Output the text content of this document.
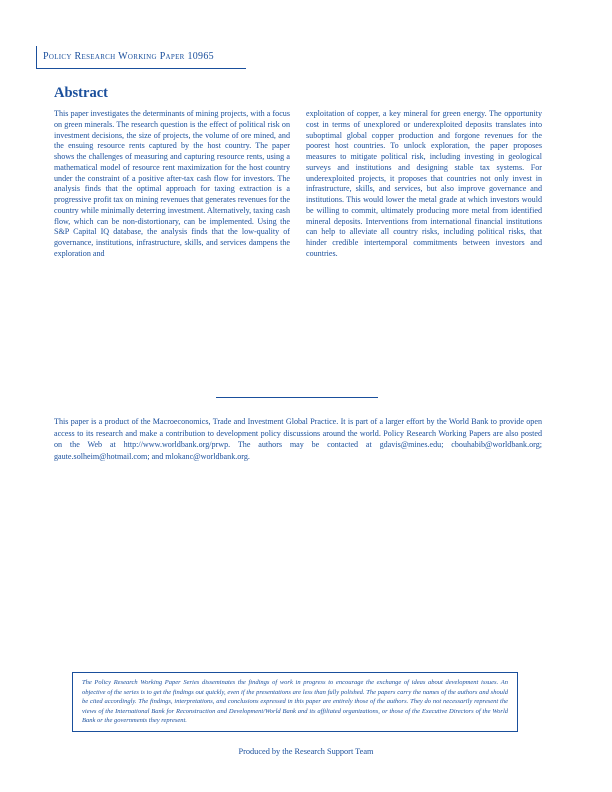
Policy Research Working Paper 10965
Abstract

This paper investigates the determinants of mining projects, with a focus on green minerals. The research question is the effect of political risk on investment decisions, the size of projects, the volume of ore mined, and the ensuing resource rents captured by the host country. The paper shows the challenges of measuring and capturing resource rents, using a mathematical model of resource rent maximization for the host country under the constraint of a positive after-tax cash flow for investors. The analysis finds that the optimal approach for taxing extraction is a progressive profit tax on mining revenues that generates revenues for the country while minimally deterring investment. Alternatively, taxing cash flow, which can be non-distortionary, can be implemented. Using the S&P Capital IQ database, the analysis finds that the low-quality of governance, institutions, infrastructure, skills, and services dampens the exploration and

exploitation of copper, a key mineral for green energy. The opportunity cost in terms of unexplored or underexploited deposits translates into suboptimal global copper production and forgone revenues for the poorest host countries. To unlock exploration, the paper proposes measures to mitigate political risk, including investing in geological surveys and institutions and designing stable tax systems. For underexploited projects, it proposes that countries not only invest in infrastructure, skills, and services, but also improve governance and institutions. This would lower the metal grade at which investors would be willing to commit, ultimately producing more metal from identified mineral deposits. Interventions from international financial institutions can help to alleviate all country risks, including political risks, that hinder credible intertemporal commitments between investors and countries.

This paper is a product of the Macroeconomics, Trade and Investment Global Practice. It is part of a larger effort by the World Bank to provide open access to its research and make a contribution to development policy discussions around the world. Policy Research Working Papers are also posted on the Web at http://www.worldbank.org/prwp. The authors may be contacted at gdavis@mines.edu; cbouhabib@worldbank.org; gaute.solheim@hotmail.com; and mlokanc@worldbank.org.

The Policy Research Working Paper Series disseminates the findings of work in progress to encourage the exchange of ideas about development issues. An objective of the series is to get the findings out quickly, even if the presentations are less than fully polished. The papers carry the names of the authors and should be cited accordingly. The findings, interpretations, and conclusions expressed in this paper are entirely those of the authors. They do not necessarily represent the views of the International Bank for Reconstruction and Development/World Bank and its affiliated organizations, or those of the Executive Directors of the World Bank or the governments they represent.

Produced by the Research Support Team
